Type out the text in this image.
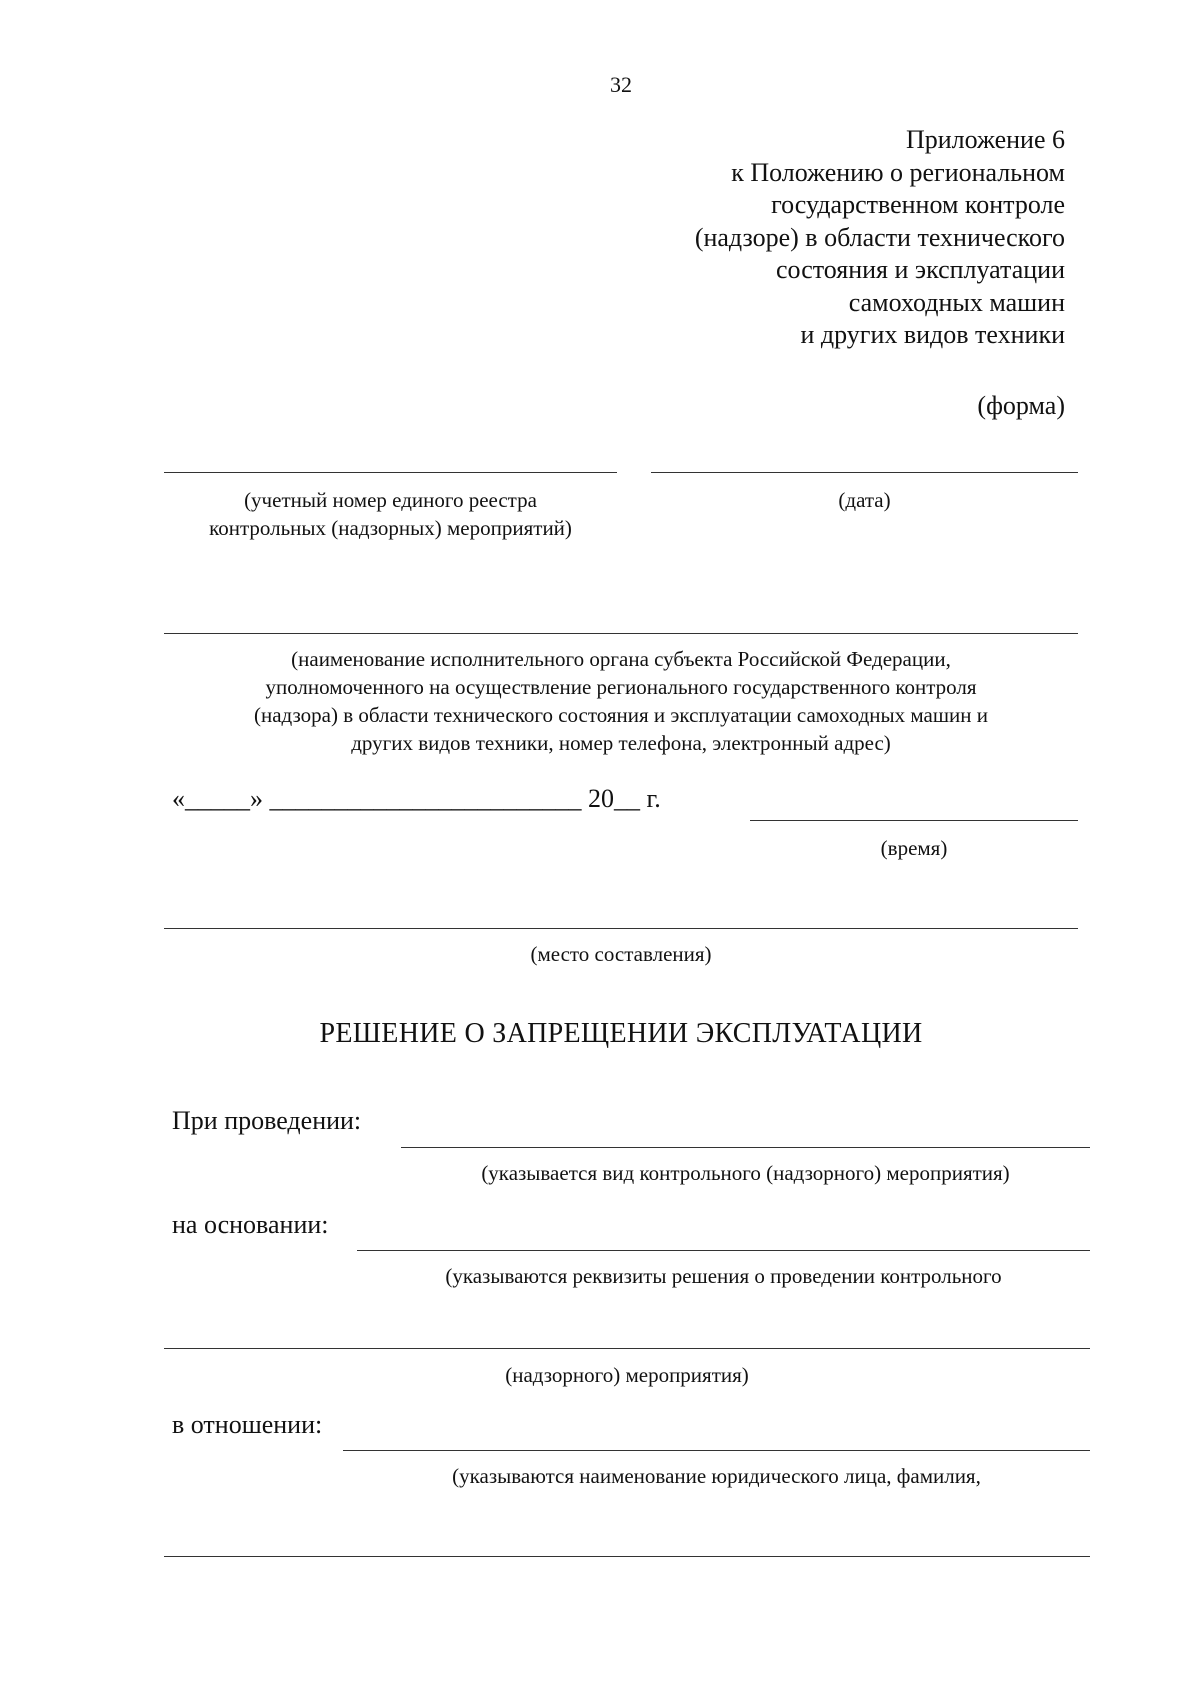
32
Приложение 6
к Положению о региональном
государственном контроле
(надзоре) в области технического
состояния и эксплуатации
самоходных машин
и других видов техники
(форма)
(учетный номер единого реестра
контрольных (надзорных) мероприятий)
(дата)
(наименование исполнительного органа субъекта Российской Федерации,
уполномоченного на осуществление регионального государственного контроля
(надзора) в области технического состояния и эксплуатации самоходных машин и
других видов техники, номер телефона, электронный адрес)
«_____» ________________________ 20__ г.
(время)
(место составления)
РЕШЕНИЕ О ЗАПРЕЩЕНИИ ЭКСПЛУАТАЦИИ
При проведении:
(указывается вид контрольного (надзорного) мероприятия)
на основании:
(указываются реквизиты решения о проведении контрольного
(надзорного) мероприятия)
в отношении:
(указываются наименование юридического лица, фамилия,
